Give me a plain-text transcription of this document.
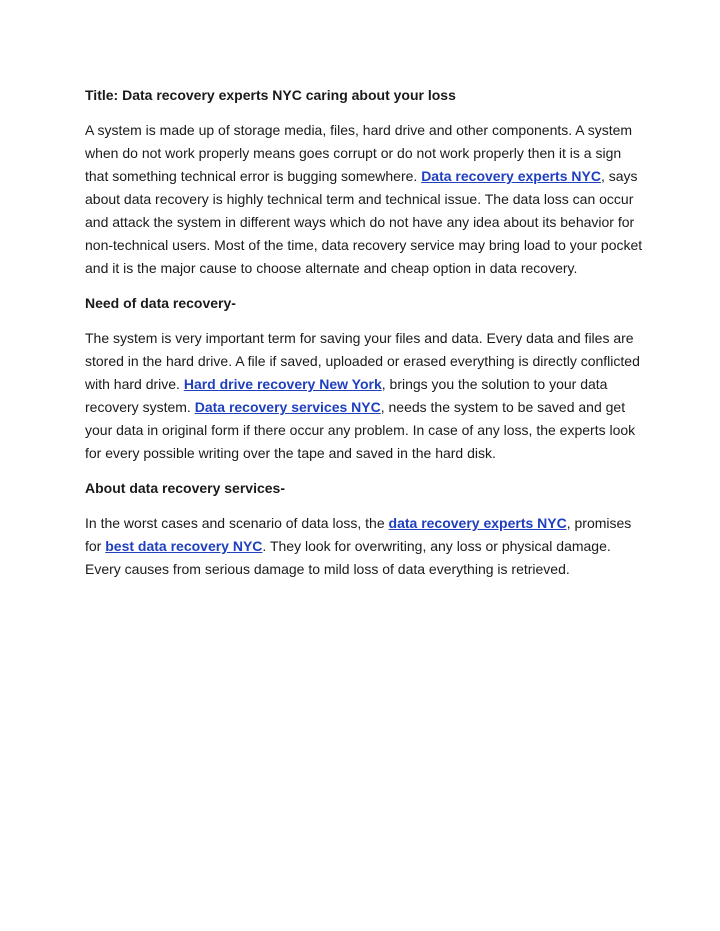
Title: Data recovery experts NYC caring about your loss

A system is made up of storage media, files, hard drive and other components. A system when do not work properly means goes corrupt or do not work properly then it is a sign that something technical error is bugging somewhere. Data recovery experts NYC, says about data recovery is highly technical term and technical issue. The data loss can occur and attack the system in different ways which do not have any idea about its behavior for non-technical users. Most of the time, data recovery service may bring load to your pocket and it is the major cause to choose alternate and cheap option in data recovery.

Need of data recovery-

The system is very important term for saving your files and data. Every data and files are stored in the hard drive. A file if saved, uploaded or erased everything is directly conflicted with hard drive. Hard drive recovery New York, brings you the solution to your data recovery system. Data recovery services NYC, needs the system to be saved and get your data in original form if there occur any problem. In case of any loss, the experts look for every possible writing over the tape and saved in the hard disk.

About data recovery services-

In the worst cases and scenario of data loss, the data recovery experts NYC, promises for best data recovery NYC. They look for overwriting, any loss or physical damage. Every causes from serious damage to mild loss of data everything is retrieved.
